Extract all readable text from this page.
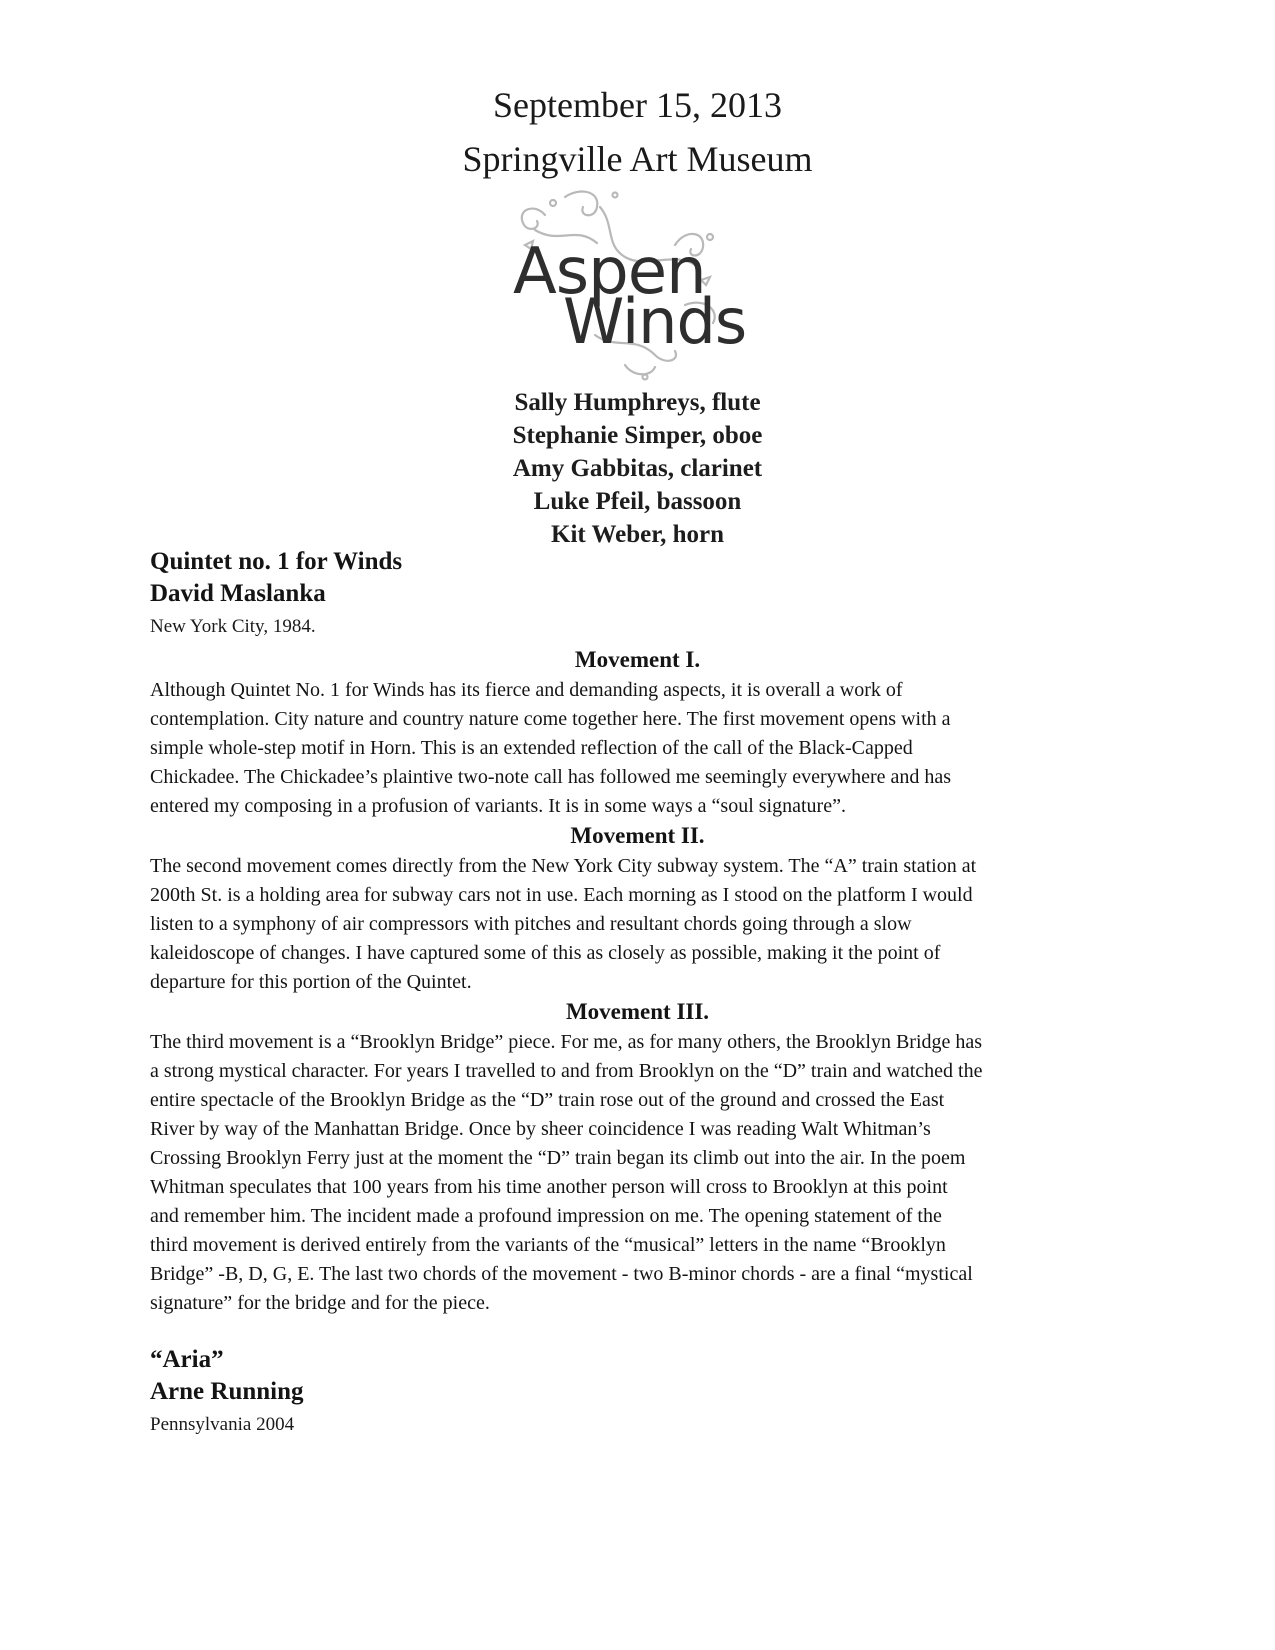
September 15, 2013
Springville Art Museum
Aspen
Winds
Sally Humphreys, flute
Stephanie Simper, oboe
Amy Gabbitas, clarinet
Luke Pfeil, bassoon
Kit Weber, horn
Quintet no. 1 for Winds
David Maslanka
New York City, 1984.
Movement I.
Although Quintet No. 1 for Winds has its fierce and demanding aspects, it is overall a work of
contemplation. City nature and country nature come together here. The first movement opens with a
simple whole-step motif in Horn. This is an extended reflection of the call of the Black-Capped
Chickadee. The Chickadee’s plaintive two-note call has followed me seemingly everywhere and has
entered my composing in a profusion of variants. It is in some ways a “soul signature”.
Movement II.
The second movement comes directly from the New York City subway system. The “A” train station at
200th St. is a holding area for subway cars not in use. Each morning as I stood on the platform I would
listen to a symphony of air compressors with pitches and resultant chords going through a slow
kaleidoscope of changes. I have captured some of this as closely as possible, making it the point of
departure for this portion of the Quintet.
Movement III.
The third movement is a “Brooklyn Bridge” piece. For me, as for many others, the Brooklyn Bridge has
a strong mystical character. For years I travelled to and from Brooklyn on the “D” train and watched the
entire spectacle of the Brooklyn Bridge as the “D” train rose out of the ground and crossed the East
River by way of the Manhattan Bridge. Once by sheer coincidence I was reading Walt Whitman’s
Crossing Brooklyn Ferry just at the moment the “D” train began its climb out into the air. In the poem
Whitman speculates that 100 years from his time another person will cross to Brooklyn at this point
and remember him. The incident made a profound impression on me. The opening statement of the
third movement is derived entirely from the variants of the “musical” letters in the name “Brooklyn
Bridge” -B, D, G, E. The last two chords of the movement - two B-minor chords - are a final “mystical
signature” for the bridge and for the piece.
“Aria”
Arne Running
Pennsylvania 2004
